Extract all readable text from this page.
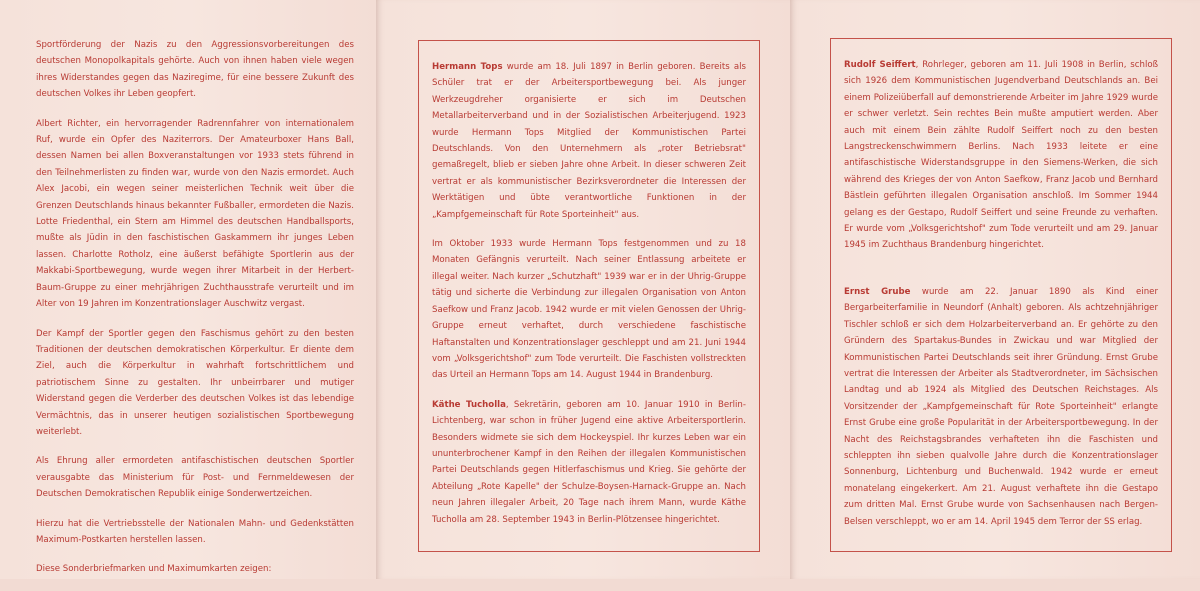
Sportförderung der Nazis zu den Aggressionsvorbereitungen des deutschen Monopolkapitals gehörte. Auch von ihnen haben viele wegen ihres Widerstandes gegen das Naziregime, für eine bessere Zukunft des deutschen Volkes ihr Leben geopfert.

Albert Richter, ein hervorragender Radrennfahrer von internationalem Ruf, wurde ein Opfer des Naziterrors. Der Amateurboxer Hans Ball, dessen Namen bei allen Boxveranstaltungen vor 1933 stets führend in den Teilnehmerlisten zu finden war, wurde von den Nazis ermordet. Auch Alex Jacobi, ein wegen seiner meisterlichen Technik weit über die Grenzen Deutschlands hinaus bekannter Fußballer, ermordeten die Nazis. Lotte Friedenthal, ein Stern am Himmel des deutschen Handballsports, mußte als Jüdin in den faschistischen Gaskammern ihr junges Leben lassen. Charlotte Rotholz, eine äußerst befähigte Sportlerin aus der Makkabi-Sportbewegung, wurde wegen ihrer Mitarbeit in der Herbert-Baum-Gruppe zu einer mehrjährigen Zuchthausstrafe verurteilt und im Alter von 19 Jahren im Konzentrationslager Auschwitz vergast.

Der Kampf der Sportler gegen den Faschismus gehört zu den besten Traditionen der deutschen demokratischen Körperkultur. Er diente dem Ziel, auch die Körperkultur in wahrhaft fortschrittlichem und patriotischem Sinne zu gestalten. Ihr unbeirrbarer und mutiger Widerstand gegen die Verderber des deutschen Volkes ist das lebendige Vermächtnis, das in unserer heutigen sozialistischen Sportbewegung weiterlebt.

Als Ehrung aller ermordeten antifaschistischen deutschen Sportler verausgabte das Ministerium für Post- und Fernmeldewesen der Deutschen Demokratischen Republik einige Sonderwertzeichen.

Hierzu hat die Vertriebsstelle der Nationalen Mahn- und Gedenkstätten Maximum-Postkarten herstellen lassen.

Diese Sonderbriefmarken und Maximumkarten zeigen:

Hermann Tops wurde am 18. Juli 1897 in Berlin geboren. Bereits als Schüler trat er der Arbeitersportbewegung bei. Als junger Werkzeugdreher organisierte er sich im Deutschen Metallarbeiterverband und in der Sozialistischen Arbeiterjugend. 1923 wurde Hermann Tops Mitglied der Kommunistischen Partei Deutschlands. Von den Unternehmern als „roter Betriebsrat" gemaßregelt, blieb er sieben Jahre ohne Arbeit. In dieser schweren Zeit vertrat er als kommunistischer Bezirksverordneter die Interessen der Werktätigen und übte verantwortliche Funktionen in der „Kampfgemeinschaft für Rote Sporteinheit" aus.

Im Oktober 1933 wurde Hermann Tops festgenommen und zu 18 Monaten Gefängnis verurteilt. Nach seiner Entlassung arbeitete er illegal weiter. Nach kurzer „Schutzhaft" 1939 war er in der Uhrig-Gruppe tätig und sicherte die Verbindung zur illegalen Organisation von Anton Saefkow und Franz Jacob. 1942 wurde er mit vielen Genossen der Uhrig-Gruppe erneut verhaftet, durch verschiedene faschistische Haftanstalten und Konzentrationslager geschleppt und am 21. Juni 1944 vom „Volksgerichtshof" zum Tode verurteilt. Die Faschisten vollstreckten das Urteil an Hermann Tops am 14. August 1944 in Brandenburg.

Käthe Tucholla, Sekretärin, geboren am 10. Januar 1910 in Berlin-Lichtenberg, war schon in früher Jugend eine aktive Arbeitersportlerin. Besonders widmete sie sich dem Hockeyspiel. Ihr kurzes Leben war ein ununterbrochener Kampf in den Reihen der illegalen Kommunistischen Partei Deutschlands gegen Hitlerfaschismus und Krieg. Sie gehörte der Abteilung „Rote Kapelle" der Schulze-Boysen-Harnack-Gruppe an. Nach neun Jahren illegaler Arbeit, 20 Tage nach ihrem Mann, wurde Käthe Tucholla am 28. September 1943 in Berlin-Plötzensee hingerichtet.

Rudolf Seiffert, Rohrleger, geboren am 11. Juli 1908 in Berlin, schloß sich 1926 dem Kommunistischen Jugendverband Deutschlands an. Bei einem Polizeiüberfall auf demonstrierende Arbeiter im Jahre 1929 wurde er schwer verletzt. Sein rechtes Bein mußte amputiert werden. Aber auch mit einem Bein zählte Rudolf Seiffert noch zu den besten Langstreckenschwimmern Berlins. Nach 1933 leitete er eine antifaschistische Widerstandsgruppe in den Siemens-Werken, die sich während des Krieges der von Anton Saefkow, Franz Jacob und Bernhard Bästlein geführten illegalen Organisation anschloß. Im Sommer 1944 gelang es der Gestapo, Rudolf Seiffert und seine Freunde zu verhaften. Er wurde vom „Volksgerichtshof" zum Tode verurteilt und am 29. Januar 1945 im Zuchthaus Brandenburg hingerichtet.

Ernst Grube wurde am 22. Januar 1890 als Kind einer Bergarbeiterfamilie in Neundorf (Anhalt) geboren. Als achtzehnjähriger Tischler schloß er sich dem Holzarbeiterverband an. Er gehörte zu den Gründern des Spartakus-Bundes in Zwickau und war Mitglied der Kommunistischen Partei Deutschlands seit ihrer Gründung. Ernst Grube vertrat die Interessen der Arbeiter als Stadtverordneter, im Sächsischen Landtag und ab 1924 als Mitglied des Deutschen Reichstages. Als Vorsitzender der „Kampfgemeinschaft für Rote Sporteinheit" erlangte Ernst Grube eine große Popularität in der Arbeitersportbewegung. In der Nacht des Reichstagsbrandes verhafteten ihn die Faschisten und schleppten ihn sieben qualvolle Jahre durch die Konzentrationslager Sonnenburg, Lichtenburg und Buchenwald. 1942 wurde er erneut monatelang eingekerkert. Am 21. August verhaftete ihn die Gestapo zum dritten Mal. Ernst Grube wurde von Sachsenhausen nach Bergen-Belsen verschleppt, wo er am 14. April 1945 dem Terror der SS erlag.
